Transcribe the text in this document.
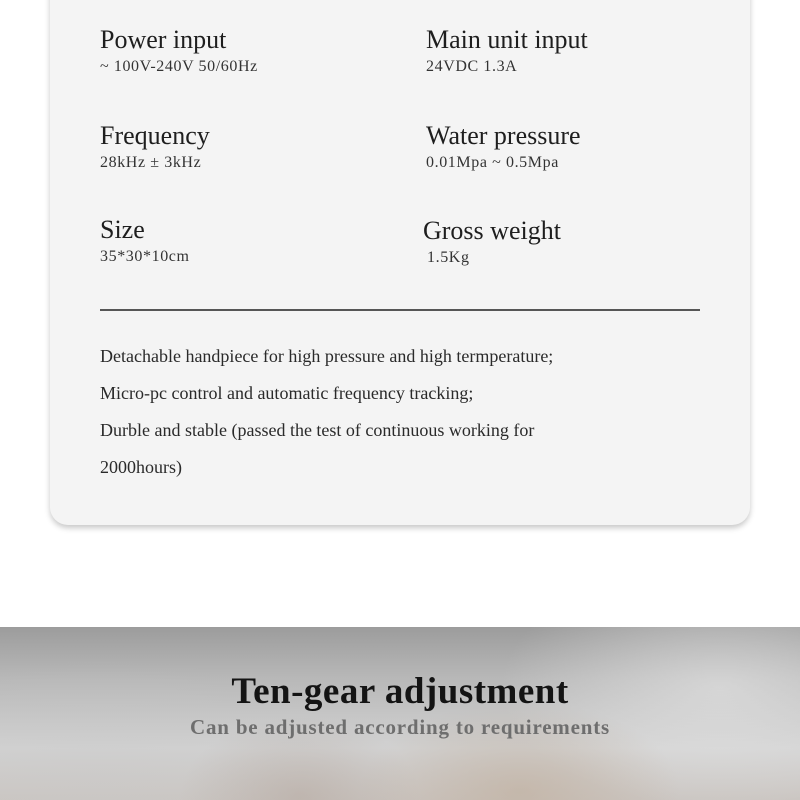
Power input
~ 100V-240V 50/60Hz
Main unit input
24VDC 1.3A
Frequency
28kHz ± 3kHz
Water pressure
0.01Mpa ~ 0.5Mpa
Size
35*30*10cm
Gross weight
1.5Kg
Detachable handpiece for high pressure and high termperature;
Micro-pc control and automatic frequency tracking;
Durble and stable (passed the test of continuous working for
2000hours)
Ten-gear adjustment
Can be adjusted according to requirements
